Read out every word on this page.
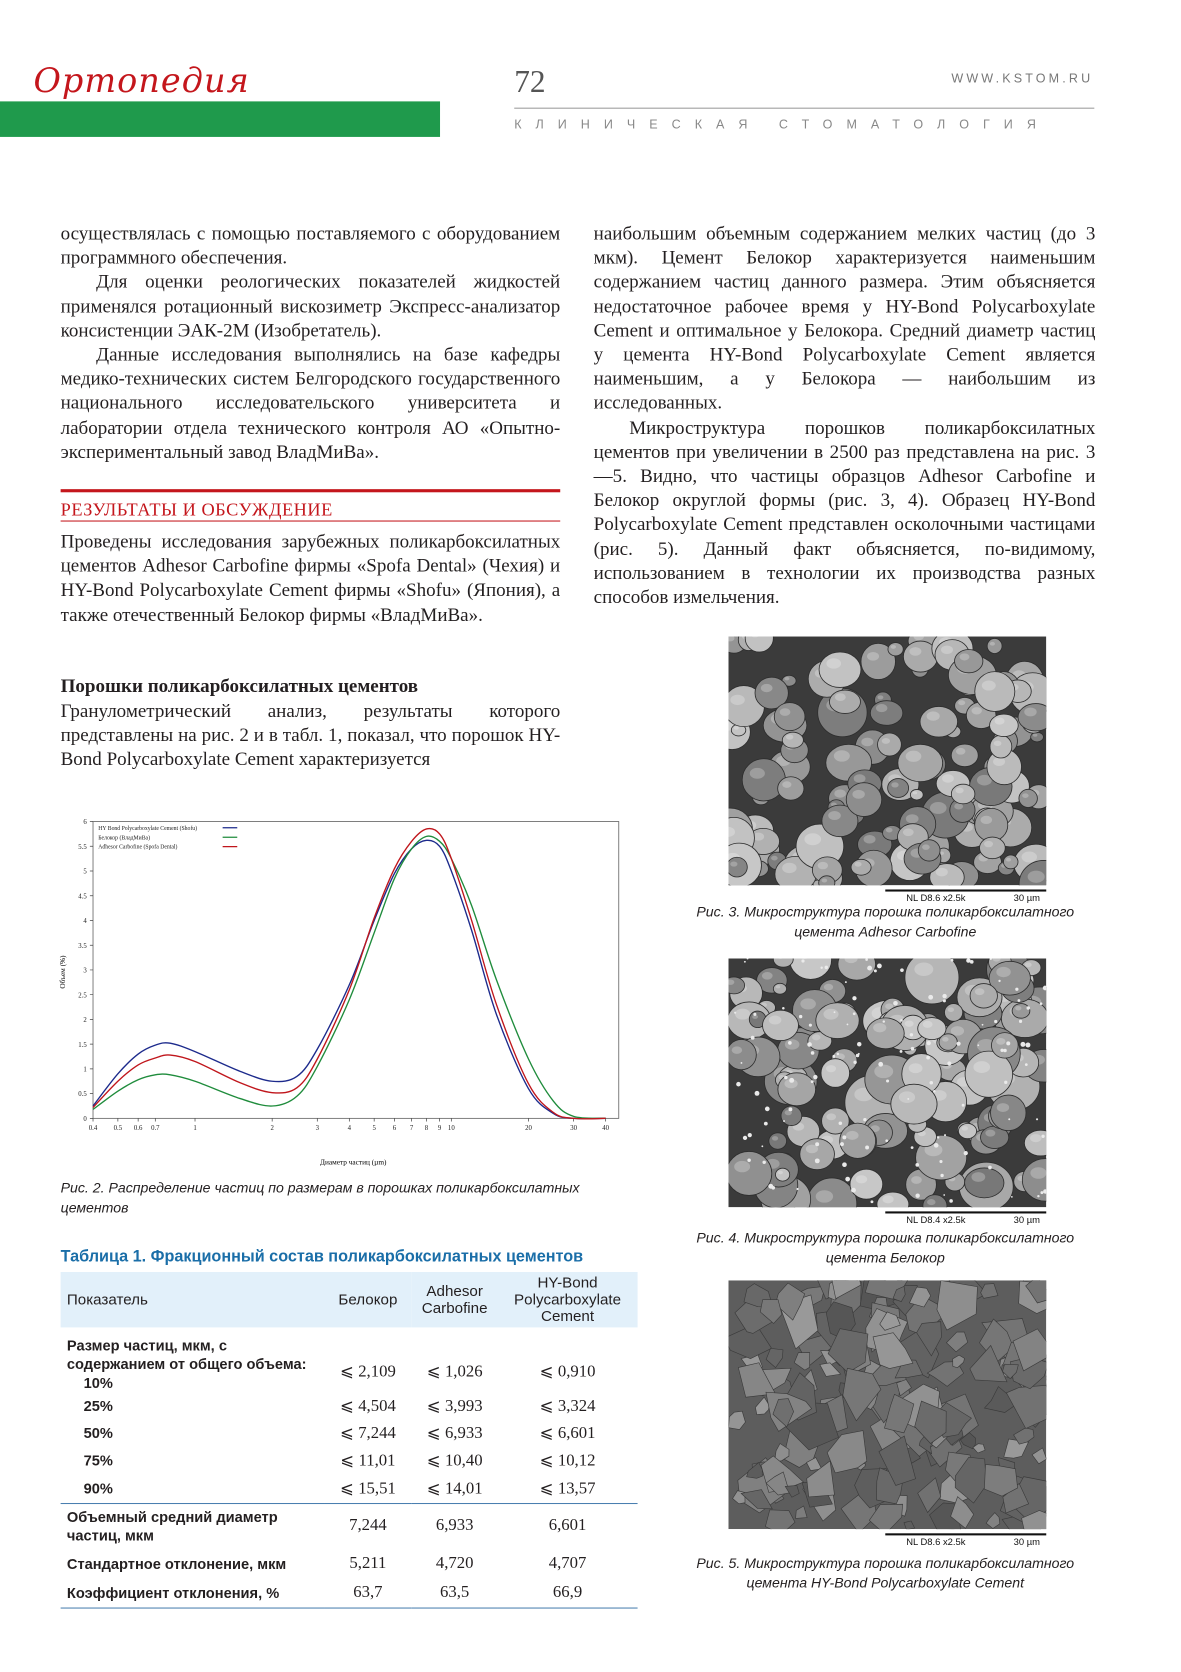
Ортопедия	72	WWW.KSTOM.RU
КЛИНИЧЕСКАЯ СТОМАТОЛОГИЯ

осуществлялась с помощью поставляемого с оборудованием программного обеспечения.

Для оценки реологических показателей жидкостей применялся ротационный вискозиметр Экспресс-анализатор консистенции ЭАК-2М (Изобретатель).

Данные исследования выполнялись на базе кафедры медико-технических систем Белгородского государственного национального исследовательского университета и лаборатории отдела технического контроля АО «Опытно-экспериментальный завод ВладМиВа».

РЕЗУЛЬТАТЫ И ОБСУЖДЕНИЕ

Проведены исследования зарубежных поликарбоксилатных цементов Adhesor Carbofine фирмы «Spofa Dental» (Чехия) и HY-Bond Polycarboxylate Cement фирмы «Shofu» (Япония), а также отечественный Белокор фирмы «ВладМиВа».

Порошки поликарбоксилатных цементов

Гранулометрический анализ, результаты которого представлены на рис. 2 и в табл. 1, показал, что порошок HY-Bond Polycarboxylate Cement характеризуется

наибольшим объемным содержанием мелких частиц (до 3 мкм). Цемент Белокор характеризуется наименьшим содержанием частиц данного размера. Этим объясняется недостаточное рабочее время у HY-Bond Polycarboxylate Cement и оптимальное у Белокора. Средний диаметр частиц у цемента HY-Bond Polycarboxylate Cement является наименьшим, а у Белокора — наибольшим из исследованных.

Микроструктура порошков поликарбоксилатных цементов при увеличении в 2500 раз представлена на рис. 3—5. Видно, что частицы образцов Adhesor Carbofine и Белокор округлой формы (рис. 3, 4). Образец HY-Bond Polycarboxylate Cement представлен осколочными частицами (рис. 5). Данный факт объясняется, по-видимому, использованием в технологии их производства разных способов измельчения.

0
0.5
1
1.5
2
2.5
3
3.5
4
4.5
5
5.5
6
0.4	0.5 0.6 0.7	1	2	3	4	5	6 7 8 9 10	20	30	40
HY Bond Polycarboxylate Cement (Shofu)
Белокор (ВладМиВа)
Adhesor Carbofine (Spofa Dental)
Диаметр частиц (µm)
Объем (%)
Рис. 2. Распределение частиц по размерам в порошках поликарбоксилатных цементов
NL D8.6 x2.5k	30 µm
Рис. 3. Микроструктура порошка поликарбоксилатного цемента Adhesor Carbofine
NL D8.4 x2.5k	30 µm
Рис. 4. Микроструктура порошка поликарбоксилатного цемента Белокор
NL D8.6 x2.5k	30 µm
Рис. 5. Микроструктура порошка поликарбоксилатного цемента HY-Bond Polycarboxylate Cement
Таблица 1. Фракционный состав поликарбоксилатных цементов
Показатель	Белокор	Adhesor Carbofine	HY-Bond Polycarboxylate Cement
Размер частиц, мкм, с содержанием от общего объема:
10%	⩽ 2,109	⩽ 1,026	⩽ 0,910
25%	⩽ 4,504	⩽ 3,993	⩽ 3,324
50%	⩽ 7,244	⩽ 6,933	⩽ 6,601
75%	⩽ 11,01	⩽ 10,40	⩽ 10,12
90%	⩽ 15,51	⩽ 14,01	⩽ 13,57
Объемный средний диаметр частиц, мкм	7,244	6,933	6,601
Стандартное отклонение, мкм	5,211	4,720	4,707
Коэффициент отклонения, %	63,7	63,5	66,9
